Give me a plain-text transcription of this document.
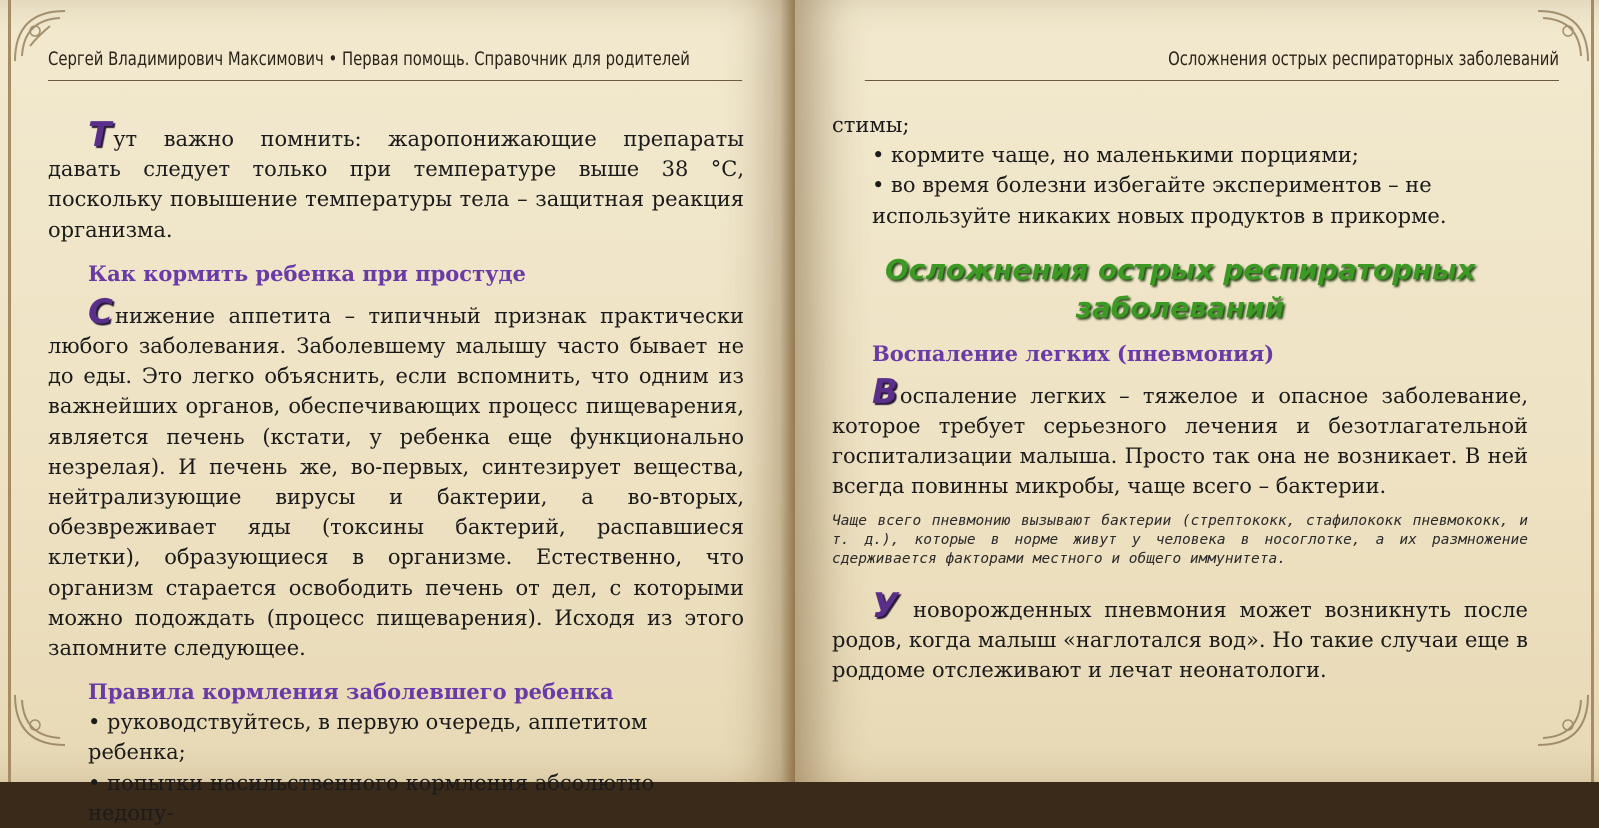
Сергей Владимирович Максимович • Первая помощь. Справочник для родителей

Тут важно помнить: жаропонижающие препараты давать следует только при температуре выше 38 °С, поскольку повышение температуры тела – защитная реакция организма.

Как кормить ребенка при простуде

Снижение аппетита – типичный признак практически любого заболевания. Заболевшему малышу часто бывает не до еды. Это легко объяснить, если вспомнить, что одним из важнейших органов, обеспечивающих процесс пищеварения, является печень (кстати, у ребенка еще функционально незрелая). И печень же, во-первых, синтезирует вещества, нейтрализующие вирусы и бактерии, а во-вторых, обезвреживает яды (токсины бактерий, распавшиеся клетки), образующиеся в организме. Естественно, что организм старается освободить печень от дел, с которыми можно подождать (процесс пищеварения). Исходя из этого запомните следующее.

Правила кормления заболевшего ребенка

• руководствуйтесь, в первую очередь, аппетитом ребенка;

• попытки насильственного кормления абсолютно недопу-

Осложнения острых респираторных заболеваний

стимы;

• кормите чаще, но маленькими порциями;

• во время болезни избегайте экспериментов – не используйте никаких новых продуктов в прикорме.

Осложнения острых респираторных
заболеваний
Воспаление легких (пневмония)

Воспаление легких – тяжелое и опасное заболевание, которое требует серьезного лечения и безотлагательной госпитализации малыша. Просто так она не возникает. В ней всегда повинны микробы, чаще всего – бактерии.

Чаще всего пневмонию вызывают бактерии (стрептококк, стафилококк пневмококк, и т. д.), которые в норме живут у человека в носоглотке, а их размножение сдерживается факторами местного и общего иммунитета.

У новорожденных пневмония может возникнуть после родов, когда малыш «наглотался вод». Но такие случаи еще в роддоме отслеживают и лечат неонатологи.
